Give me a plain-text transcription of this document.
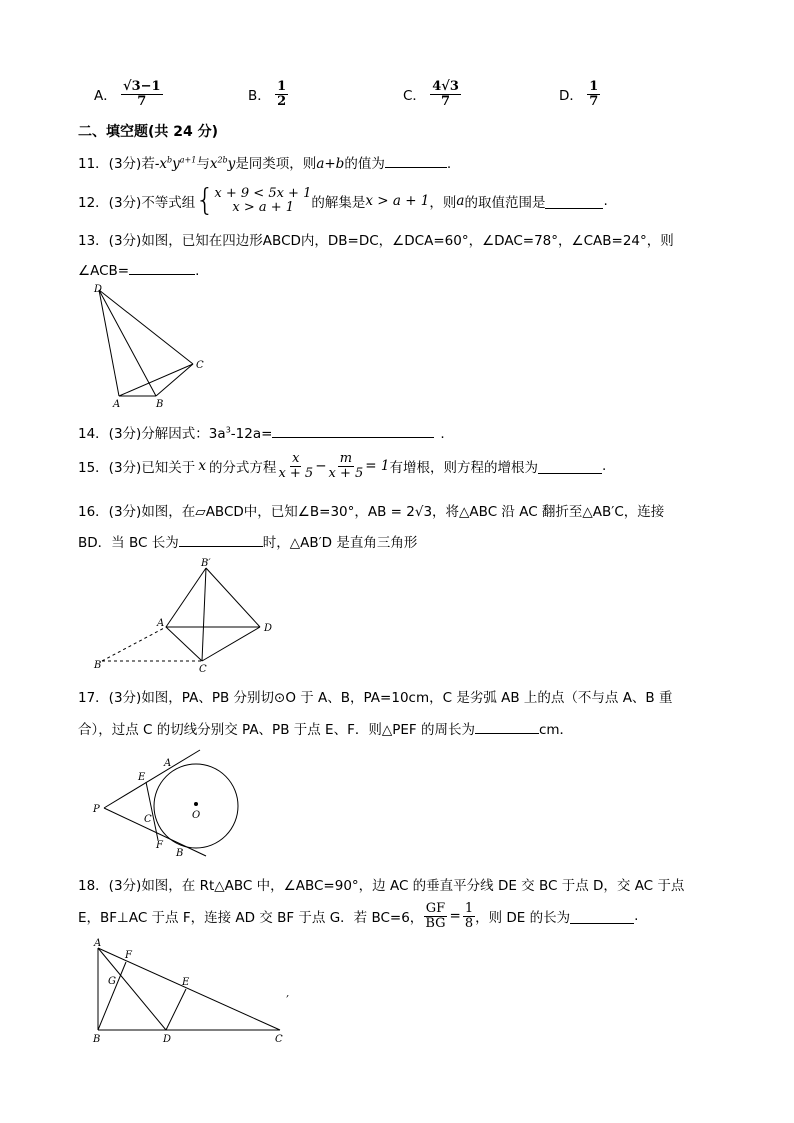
A． $\frac{√3-1}{7}$	B． $\frac{1}{2}$	C． $\frac{4√3}{7}$	D． $\frac{1}{7}$
二、填空题(共 24 分)
11．(3分)若$-x^by^{a+1}$与$x^{2b}y$是同类项，则a+b的值为	.
12．(3分)不等式组{x + 9 < 5x + 1
x > a + 1 的解集是x > a + 1，则a的取值范围是	.
13．(3分)如图，已知在四边形ABCD内，DB=DC，∠DCA=60°，∠DAC=78°，∠CAB=24°，则
∠ACB=	.
D
A	B
C
14．(3分)分解因式：$3a^3-12a=$	.
15．(3分)已知关于 x 的分式方程 $\frac{x}{x + 5} - \frac{m}{x + 5} = 1$有增根，则方程的增根为	.
16．(3分)如图，在▱ABCD中，已知∠B=30°，AB = 2√3，将△ABC 沿 AC 翻折至△AB′C，连接
BD．当 BC 长为	时，△AB′D 是直角三角形
B′
A	D
B	C
17．(3分)如图，PA、PB 分别切⊙O 于 A、B，PA=10cm，C 是劣弧 AB 上的点（不与点 A、B 重
合），过点 C 的切线分别交 PA、PB 于点 E、F．则△PEF 的周长为	cm．
P
E
A
C	O
F
B
18．(3分)如图，在 Rt△ABC 中，∠ABC=90°，边 AC 的垂直平分线 DE 交 BC 于点 D，交 AC 于点
E，BF⊥AC 于点 F，连接 AD 交 BF 于点 G．若 BC=6， $\frac{GF}{BG} = \frac{1}{8}$ ，则 DE 的长为	.
A
F
G	E
B	D	C
,
